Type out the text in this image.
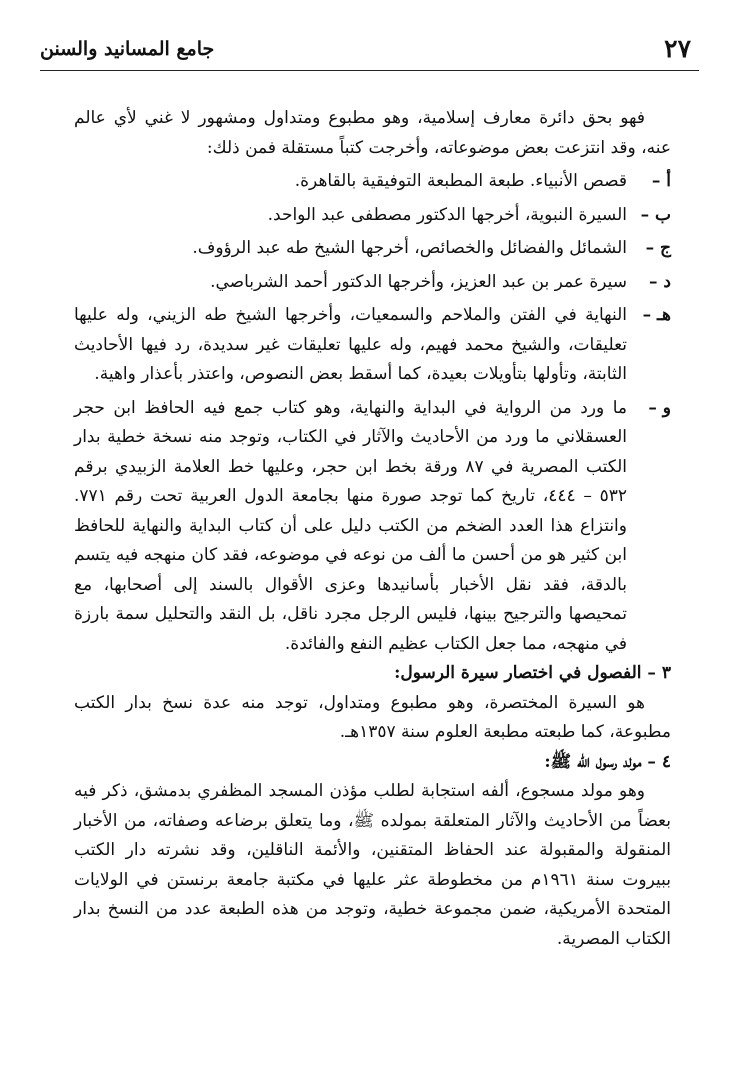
٢٧
جامع المسانيد والسنن

فهو بحق دائرة معارف إسلامية، وهو مطبوع ومتداول ومشهور لا غني لأي عالم عنه، وقد انتزعت بعض موضوعاته، وأخرجت كتباً مستقلة فمن ذلك:

أ –
قصص الأنبياء. طبعة المطبعة التوفيقية بالقاهرة.
ب –
السيرة النبوية، أخرجها الدكتور مصطفى عبد الواحد.
ج –
الشمائل والفضائل والخصائص، أخرجها الشيخ طه عبد الرؤوف.
د –
سيرة عمر بن عبد العزيز، وأخرجها الدكتور أحمد الشرباصي.
هـ –
النهاية في الفتن والملاحم والسمعيات، وأخرجها الشيخ طه الزيني، وله عليها تعليقات، والشيخ محمد فهيم، وله عليها تعليقات غير سديدة، رد فيها الأحاديث الثابتة، وتأولها بتأويلات بعيدة، كما أسقط بعض النصوص، واعتذر بأعذار واهية.
و –
ما ورد من الرواية في البداية والنهاية، وهو كتاب جمع فيه الحافظ ابن حجر العسقلاني ما ورد من الأحاديث والآثار في الكتاب، وتوجد منه نسخة خطية بدار الكتب المصرية في ٨٧ ورقة بخط ابن حجر، وعليها خط العلامة الزبيدي برقم ٥٣٢ – ٤٤٤، تاريخ كما توجد صورة منها بجامعة الدول العربية تحت رقم ٧٧١. وانتزاع هذا العدد الضخم من الكتب دليل على أن كتاب البداية والنهاية للحافظ ابن كثير هو من أحسن ما ألف من نوعه في موضوعه، فقد كان منهجه فيه يتسم بالدقة، فقد نقل الأخبار بأسانيدها وعزى الأقوال بالسند إلى أصحابها، مع تمحيصها والترجيح بينها، فليس الرجل مجرد ناقل، بل النقد والتحليل سمة بارزة في منهجه، مما جعل الكتاب عظيم النفع والفائدة.

٣ – الفصول في اختصار سيرة الرسول:

هو السيرة المختصرة، وهو مطبوع ومتداول، توجد منه عدة نسخ بدار الكتب مطبوعة، كما طبعته مطبعة العلوم سنة ١٣٥٧هـ.

٤ – مولد رسول الله ﷺ:

وهو مولد مسجوع، ألفه استجابة لطلب مؤذن المسجد المظفري بدمشق، ذكر فيه بعضاً من الأحاديث والآثار المتعلقة بمولده ﷺ، وما يتعلق برضاعه وصفاته، من الأخبار المنقولة والمقبولة عند الحفاظ المتقنين، والأئمة الناقلين، وقد نشرته دار الكتب ببيروت سنة ١٩٦١م من مخطوطة عثر عليها في مكتبة جامعة برنستن في الولايات المتحدة الأمريكية، ضمن مجموعة خطية، وتوجد من هذه الطبعة عدد من النسخ بدار الكتاب المصرية.
